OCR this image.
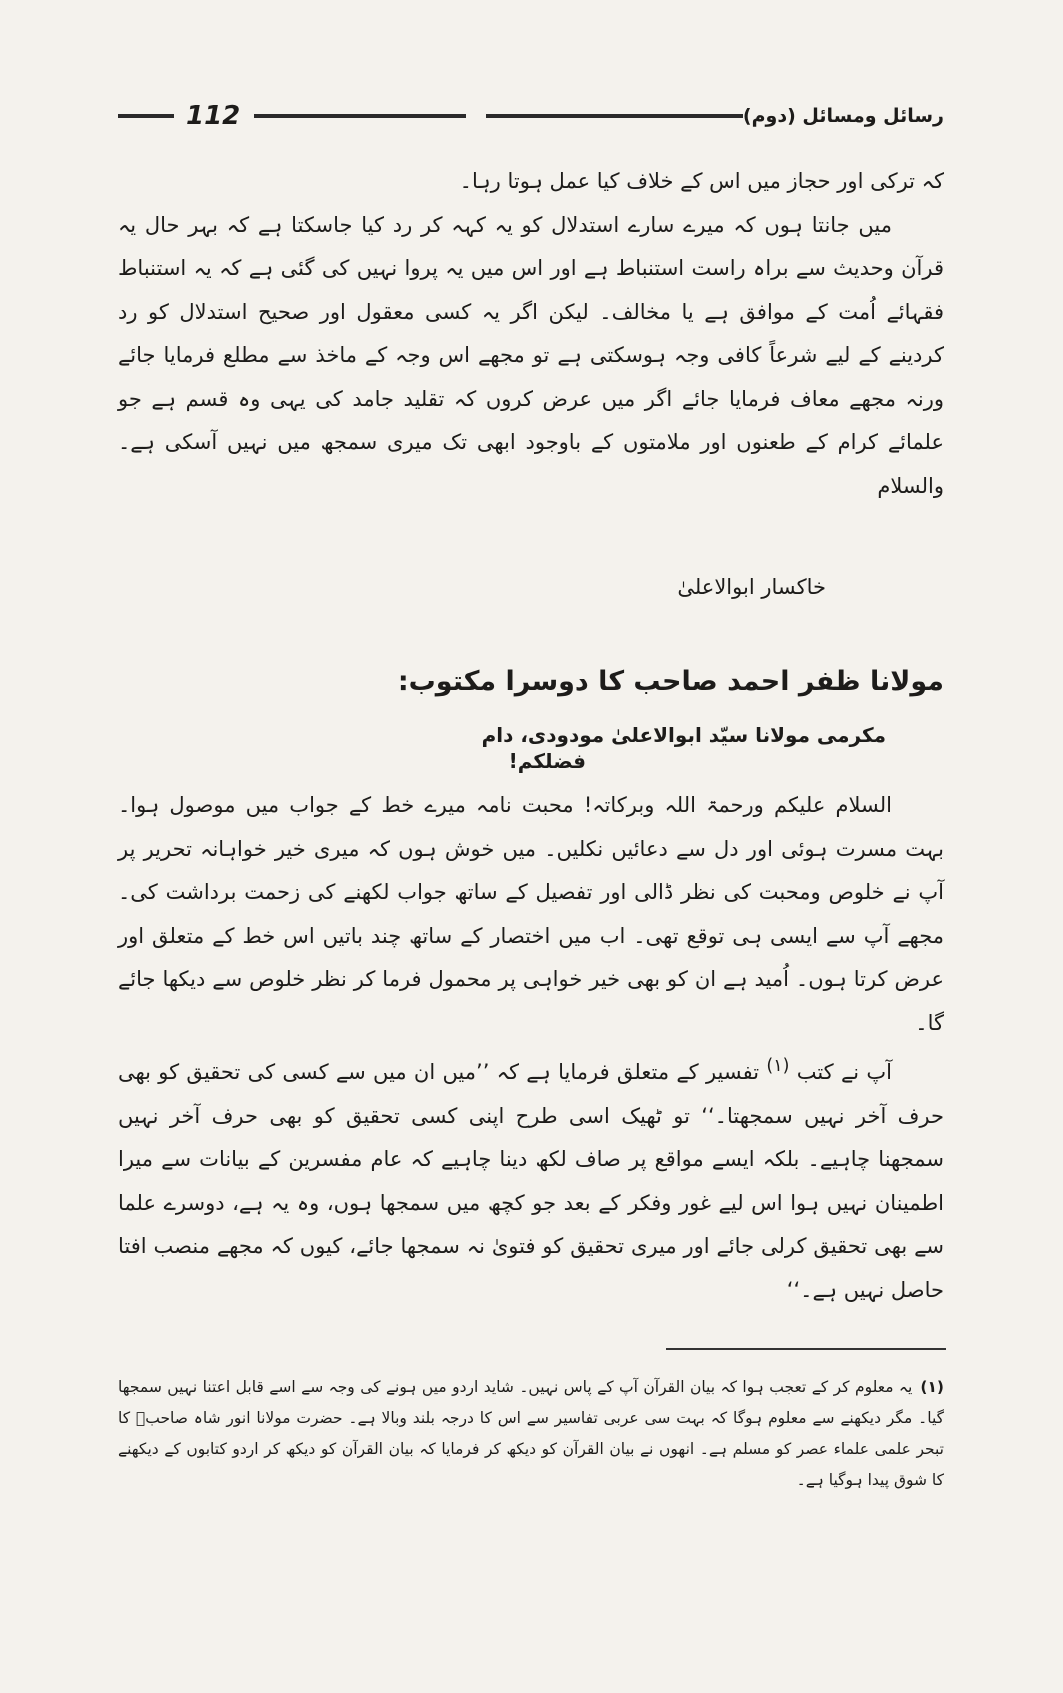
112	رسائل ومسائل (دوم)

کہ ترکی اور حجاز میں اس کے خلاف کیا عمل ہوتا رہا۔

میں جانتا ہوں کہ میرے سارے استدلال کو یہ کہہ کر رد کیا جاسکتا ہے کہ بہر حال یہ قرآن وحدیث سے براہ راست استنباط ہے اور اس میں یہ پروا نہیں کی گئی ہے کہ یہ استنباط فقہائے اُمت کے موافق ہے یا مخالف۔ لیکن اگر یہ کسی معقول اور صحیح استدلال کو رد کردینے کے لیے شرعاً کافی وجہ ہوسکتی ہے تو مجھے اس وجہ کے ماخذ سے مطلع فرمایا جائے ورنہ مجھے معاف فرمایا جائے اگر میں عرض کروں کہ تقلید جامد کی یہی وہ قسم ہے جو علمائے کرام کے طعنوں اور ملامتوں کے باوجود ابھی تک میری سمجھ میں نہیں آسکی ہے۔ والسلام

خاکسار ابوالاعلیٰ
مولانا ظفر احمد صاحب کا دوسرا مکتوب:
مکرمی مولانا سیّد ابوالاعلیٰ مودودی، دام
فضلکم!

السلام علیکم ورحمۃ اللہ وبرکاتہ! محبت نامہ میرے خط کے جواب میں موصول ہوا۔ بہت مسرت ہوئی اور دل سے دعائیں نکلیں۔ میں خوش ہوں کہ میری خیر خواہانہ تحریر پر آپ نے خلوص ومحبت کی نظر ڈالی اور تفصیل کے ساتھ جواب لکھنے کی زحمت برداشت کی۔ مجھے آپ سے ایسی ہی توقع تھی۔ اب میں اختصار کے ساتھ چند باتیں اس خط کے متعلق اور عرض کرتا ہوں۔ اُمید ہے ان کو بھی خیر خواہی پر محمول فرما کر نظر خلوص سے دیکھا جائے گا۔

آپ نے کتب $^{(۱)}$ تفسیر کے متعلق فرمایا ہے کہ ’’میں ان میں سے کسی کی تحقیق کو بھی حرف آخر نہیں سمجھتا۔‘‘ تو ٹھیک اسی طرح اپنی کسی تحقیق کو بھی حرف آخر نہیں سمجھنا چاہیے۔ بلکہ ایسے مواقع پر صاف لکھ دینا چاہیے کہ عام مفسرین کے بیانات سے میرا اطمینان نہیں ہوا اس لیے غور وفکر کے بعد جو کچھ میں سمجھا ہوں، وہ یہ ہے، دوسرے علما سے بھی تحقیق کرلی جائے اور میری تحقیق کو فتویٰ نہ سمجھا جائے، کیوں کہ مجھے منصب افتا حاصل نہیں ہے۔‘‘

(۱)یہ معلوم کر کے تعجب ہوا کہ بیان القرآن آپ کے پاس نہیں۔ شاید اردو میں ہونے کی وجہ سے اسے قابل اعتنا نہیں سمجھا گیا۔ مگر دیکھنے سے معلوم ہوگا کہ بہت سی عربی تفاسیر سے اس کا درجہ بلند وبالا ہے۔ حضرت مولانا انور شاہ صاحبؒ کا تبحر علمی علماء عصر کو مسلم ہے۔ انھوں نے بیان القرآن کو دیکھ کر فرمایا کہ بیان القرآن کو دیکھ کر اردو کتابوں کے دیکھنے کا شوق پیدا ہوگیا ہے۔
